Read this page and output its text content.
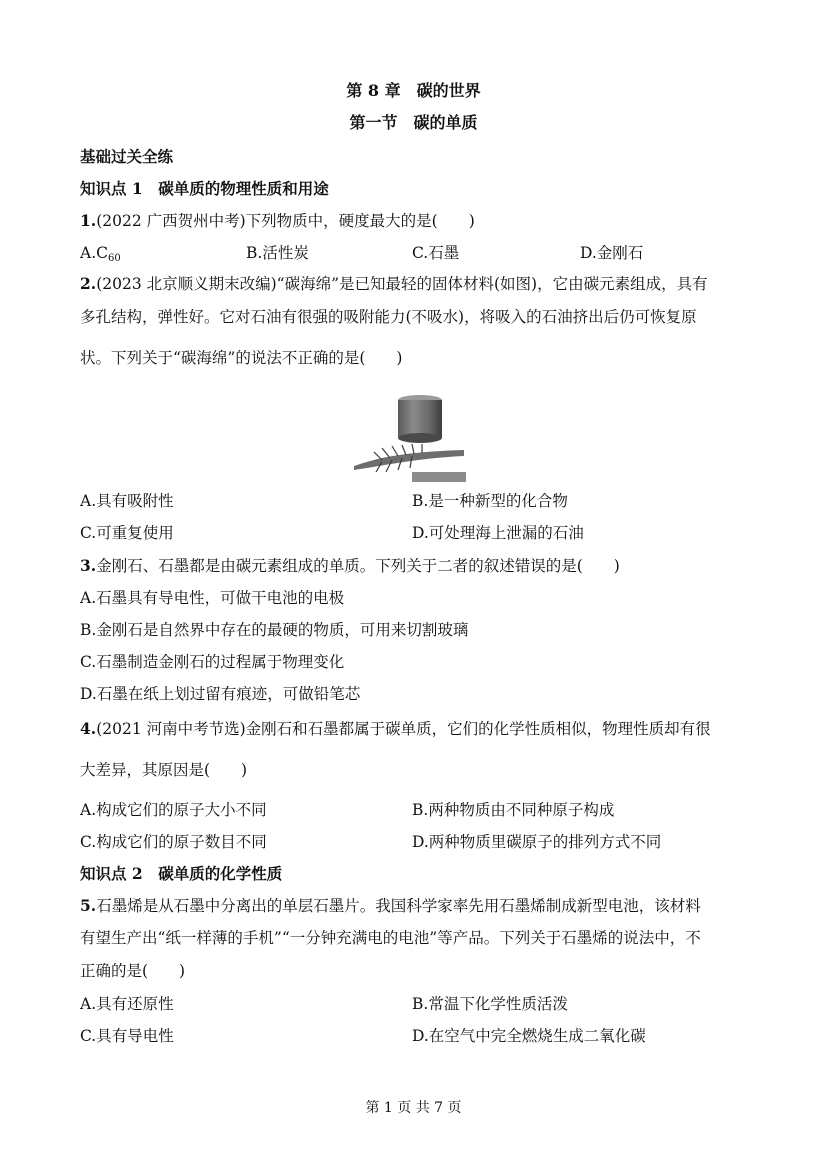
第 8 章　碳的世界
第一节　碳的单质
基础过关全练
知识点 1　 碳单质的物理性质和用途
1.(2022 广西贺州中考)下列物质中，硬度最大的是(　　)
$A.C_{60}$	B.活性炭	C.石墨	D.金刚石
2.(2023 北京顺义期末改编)“碳海绵”是已知最轻的固体材料(如图)，它由碳元素组成，具有
多孔结构，弹性好。它对石油有很强的吸附能力(不吸水)，将吸入的石油挤出后仍可恢复原
状。下列关于“碳海绵”的说法不正确的是(　　)
A.具有吸附性	B.是一种新型的化合物
C.可重复使用	D.可处理海上泄漏的石油
3.金刚石、石墨都是由碳元素组成的单质。下列关于二者的叙述错误的是(　　)
A.石墨具有导电性，可做干电池的电极
B.金刚石是自然界中存在的最硬的物质，可用来切割玻璃
C.石墨制造金刚石的过程属于物理变化
D.石墨在纸上划过留有痕迹，可做铅笔芯
4.(2021 河南中考节选)金刚石和石墨都属于碳单质，它们的化学性质相似，物理性质却有很
大差异，其原因是(　　)
A.构成它们的原子大小不同	B.两种物质由不同种原子构成
C.构成它们的原子数目不同	D.两种物质里碳原子的排列方式不同
知识点 2　 碳单质的化学性质
5.石墨烯是从石墨中分离出的单层石墨片。我国科学家率先用石墨烯制成新型电池，该材料
有望生产出“纸一样薄的手机”“一分钟充满电的电池”等产品。下列关于石墨烯的说法中，不
正确的是(　　)
A.具有还原性	B.常温下化学性质活泼
C.具有导电性	D.在空气中完全燃烧生成二氧化碳
第 1 页 共 7 页
